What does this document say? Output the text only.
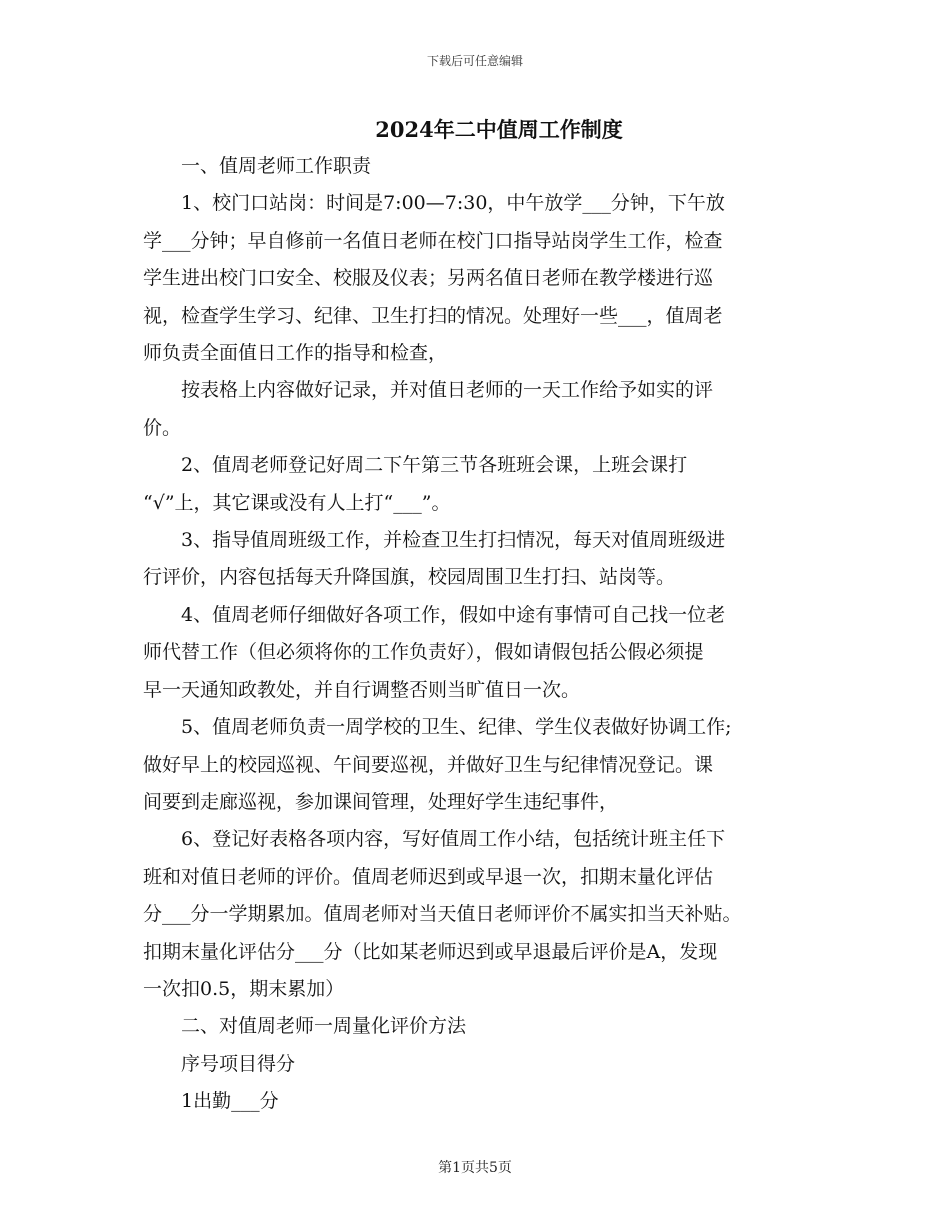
下载后可任意编辑
2024年二中值周工作制度

　　一、值周老师工作职责

　　1、校门口站岗：时间是7:00—7:30，中午放学___分钟，下午放

学___分钟；早自修前一名值日老师在校门口指导站岗学生工作，检查

学生进出校门口安全、校服及仪表；另两名值日老师在教学楼进行巡

视，检查学生学习、纪律、卫生打扫的情况。处理好一些___，值周老

师负责全面值日工作的指导和检查，

　　按表格上内容做好记录，并对值日老师的一天工作给予如实的评

价。

　　2、值周老师登记好周二下午第三节各班班会课，上班会课打

“√”上，其它课或没有人上打“___”。

　　3、指导值周班级工作，并检查卫生打扫情况，每天对值周班级进

行评价，内容包括每天升降国旗，校园周围卫生打扫、站岗等。

　　4、值周老师仔细做好各项工作，假如中途有事情可自己找一位老

师代替工作（但必须将你的工作负责好），假如请假包括公假必须提

早一天通知政教处，并自行调整否则当旷值日一次。

　　5、值周老师负责一周学校的卫生、纪律、学生仪表做好协调工作;

做好早上的校园巡视、午间要巡视，并做好卫生与纪律情况登记。课

间要到走廊巡视，参加课间管理，处理好学生违纪事件，

　　6、登记好表格各项内容，写好值周工作小结，包括统计班主任下

班和对值日老师的评价。值周老师迟到或早退一次，扣期末量化评估

分___分一学期累加。值周老师对当天值日老师评价不属实扣当天补贴。

扣期末量化评估分___分（比如某老师迟到或早退最后评价是A，发现

一次扣0.5，期末累加）

　　二、对值周老师一周量化评价方法

　　序号项目得分

　　1出勤___分

第1页共5页
